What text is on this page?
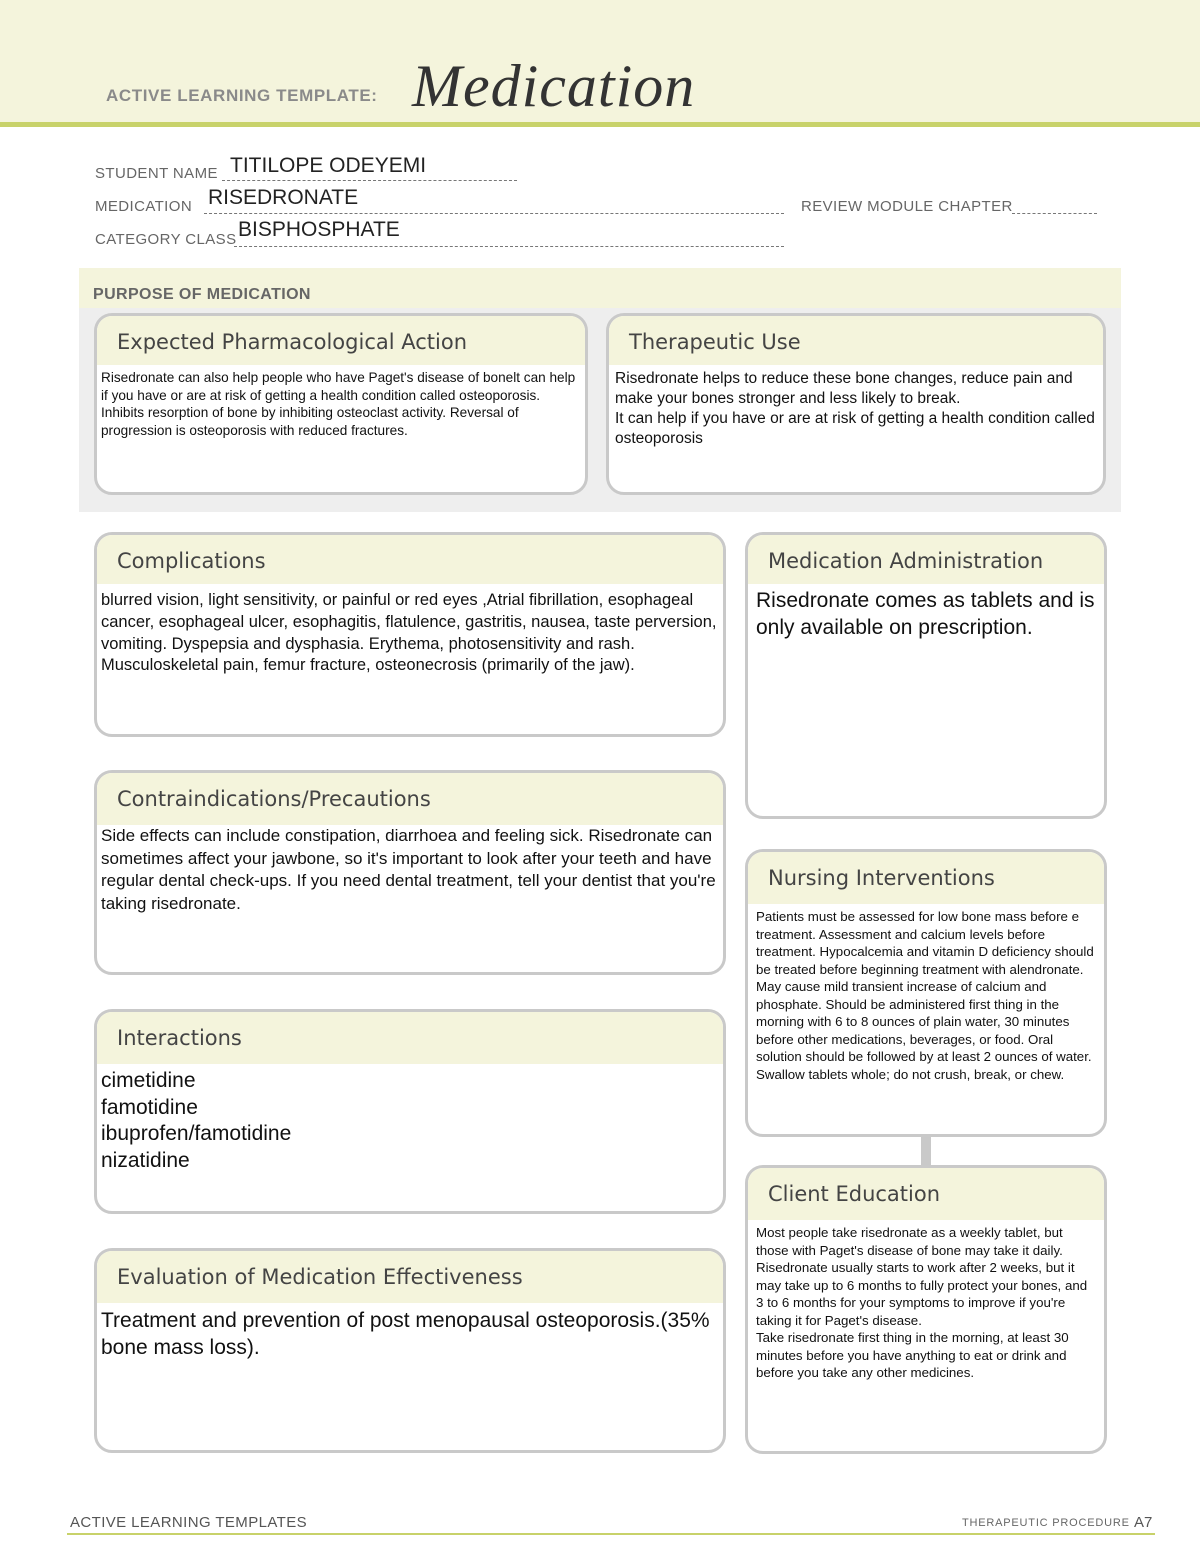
ACTIVE LEARNING TEMPLATE: Medication
STUDENT NAME TITILOPE ODEYEMI
MEDICATION RISEDRONATE	REVIEW MODULE CHAPTER
CATEGORY CLASS BISPHOSPHATE
PURPOSE OF MEDICATION
Expected Pharmacological Action
Risedronate can also help people who have Paget's disease of bonelt can help if you have or are at risk of getting a health condition called osteoporosis.
Inhibits resorption of bone by inhibiting osteoclast activity. Reversal of progression is osteoporosis with reduced fractures.
Therapeutic Use
Risedronate helps to reduce these bone changes, reduce pain and make your bones stronger and less likely to break.
It can help if you have or are at risk of getting a health condition called osteoporosis
Complications
blurred vision, light sensitivity, or painful or red eyes ,Atrial fibrillation, esophageal cancer, esophageal ulcer, esophagitis, flatulence, gastritis, nausea, taste perversion, vomiting. Dyspepsia and dysphasia. Erythema, photosensitivity and rash. Musculoskeletal pain, femur fracture, osteonecrosis (primarily of the jaw).
Contraindications/Precautions
Side effects can include constipation, diarrhoea and feeling sick. Risedronate can sometimes affect your jawbone, so it's important to look after your teeth and have regular dental check-ups. If you need dental treatment, tell your dentist that you're taking risedronate.
Interactions
cimetidine
famotidine
ibuprofen/famotidine
nizatidine
Evaluation of Medication Effectiveness
Treatment and prevention of post menopausal osteoporosis.(35% bone mass loss).
Medication Administration
Risedronate comes as tablets and is only available on prescription.
Nursing Interventions
Patients must be assessed for low bone mass before e treatment. Assessment and calcium levels before treatment. Hypocalcemia and vitamin D deficiency should be treated before beginning treatment with alendronate. May cause mild transient increase of calcium and phosphate. Should be administered first thing in the morning with 6 to 8 ounces of plain water, 30 minutes before other medications, beverages, or food. Oral solution should be followed by at least 2 ounces of water. Swallow tablets whole; do not crush, break, or chew.
Client Education
Most people take risedronate as a weekly tablet, but those with Paget's disease of bone may take it daily.
Risedronate usually starts to work after 2 weeks, but it may take up to 6 months to fully protect your bones, and 3 to 6 months for your symptoms to improve if you're taking it for Paget's disease.
Take risedronate first thing in the morning, at least 30 minutes before you have anything to eat or drink and before you take any other medicines.
ACTIVE LEARNING TEMPLATES	THERAPEUTIC PROCEDURE A7
